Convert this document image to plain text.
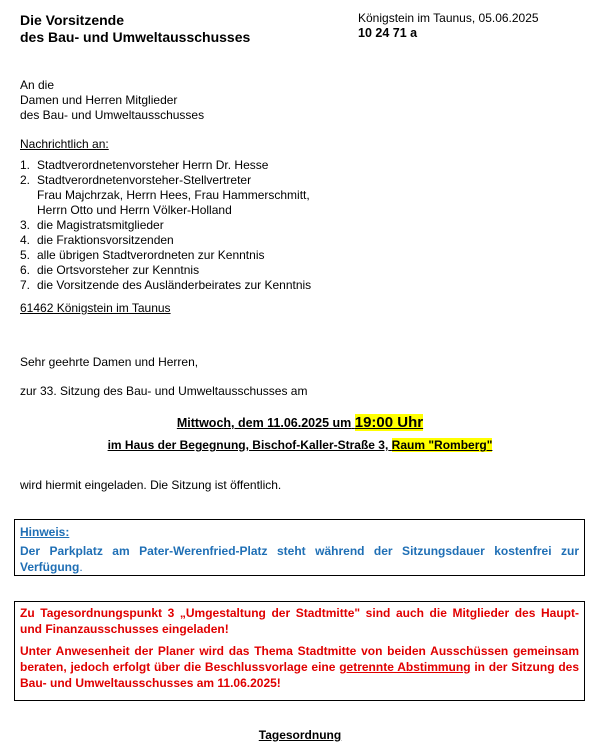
Die Vorsitzende
des Bau- und Umweltausschusses
Königstein im Taunus, 05.06.2025
10 24 71 a
An die
Damen und Herren Mitglieder
des Bau- und Umweltausschusses
Nachrichtlich an:
1. Stadtverordnetenvorsteher Herrn Dr. Hesse
2. Stadtverordnetenvorsteher-Stellvertreter
Frau Majchrzak, Herrn Hees, Frau Hammerschmitt,
Herrn Otto und Herrn Völker-Holland
3. die Magistratsmitglieder
4. die Fraktionsvorsitzenden
5. alle übrigen Stadtverordneten zur Kenntnis
6. die Ortsvorsteher zur Kenntnis
7. die Vorsitzende des Ausländerbeirates zur Kenntnis
61462 Königstein im Taunus
Sehr geehrte Damen und Herren,
zur 33. Sitzung des Bau- und Umweltausschusses am
Mittwoch, dem 11.06.2025 um 19:00 Uhr
im Haus der Begegnung, Bischof-Kaller-Straße 3, Raum "Romberg"
wird hiermit eingeladen. Die Sitzung ist öffentlich.
Hinweis:
Der Parkplatz am Pater-Werenfried-Platz steht während der Sitzungsdauer kostenfrei zur Verfügung.

Zu Tagesordnungspunkt 3 „Umgestaltung der Stadtmitte" sind auch die Mitglieder des Haupt- und Finanzausschusses eingeladen!

Unter Anwesenheit der Planer wird das Thema Stadtmitte von beiden Ausschüssen gemeinsam beraten, jedoch erfolgt über die Beschlussvorlage eine getrennte Abstimmung in der Sitzung des Bau- und Umweltausschusses am 11.06.2025!

Tagesordnung
